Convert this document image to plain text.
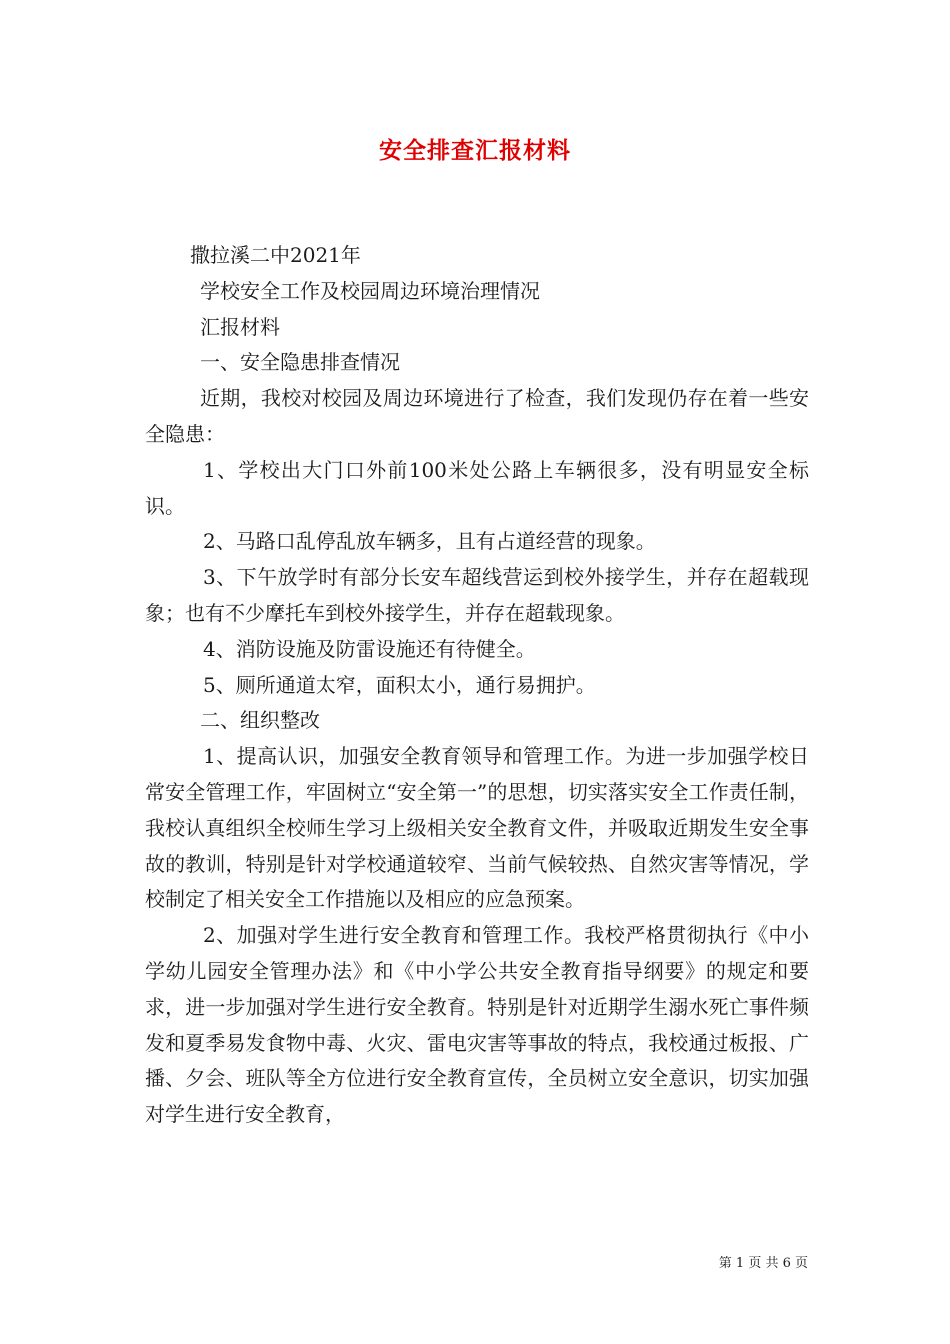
安全排查汇报材料

撒拉溪二中2021年

学校安全工作及校园周边环境治理情况

汇报材料

一、安全隐患排查情况

近期，我校对校园及周边环境进行了检查，我们发现仍存在着一些安全隐患：

1、学校出大门口外前100米处公路上车辆很多，没有明显安全标识。

2、马路口乱停乱放车辆多，且有占道经营的现象。

3、下午放学时有部分长安车超线营运到校外接学生，并存在超载现象；也有不少摩托车到校外接学生，并存在超载现象。

4、消防设施及防雷设施还有待健全。

5、厕所通道太窄，面积太小，通行易拥护。

二、组织整改

1、提高认识，加强安全教育领导和管理工作。为进一步加强学校日常安全管理工作，牢固树立“安全第一”的思想，切实落实安全工作责任制，我校认真组织全校师生学习上级相关安全教育文件，并吸取近期发生安全事故的教训，特别是针对学校通道较窄、当前气候较热、自然灾害等情况，学校制定了相关安全工作措施以及相应的应急预案。

2、加强对学生进行安全教育和管理工作。我校严格贯彻执行《中小学幼儿园安全管理办法》和《中小学公共安全教育指导纲要》的规定和要求，进一步加强对学生进行安全教育。特别是针对近期学生溺水死亡事件频发和夏季易发食物中毒、火灾、雷电灾害等事故的特点，我校通过板报、广播、夕会、班队等全方位进行安全教育宣传，全员树立安全意识，切实加强对学生进行安全教育，

第 1 页 共 6 页
